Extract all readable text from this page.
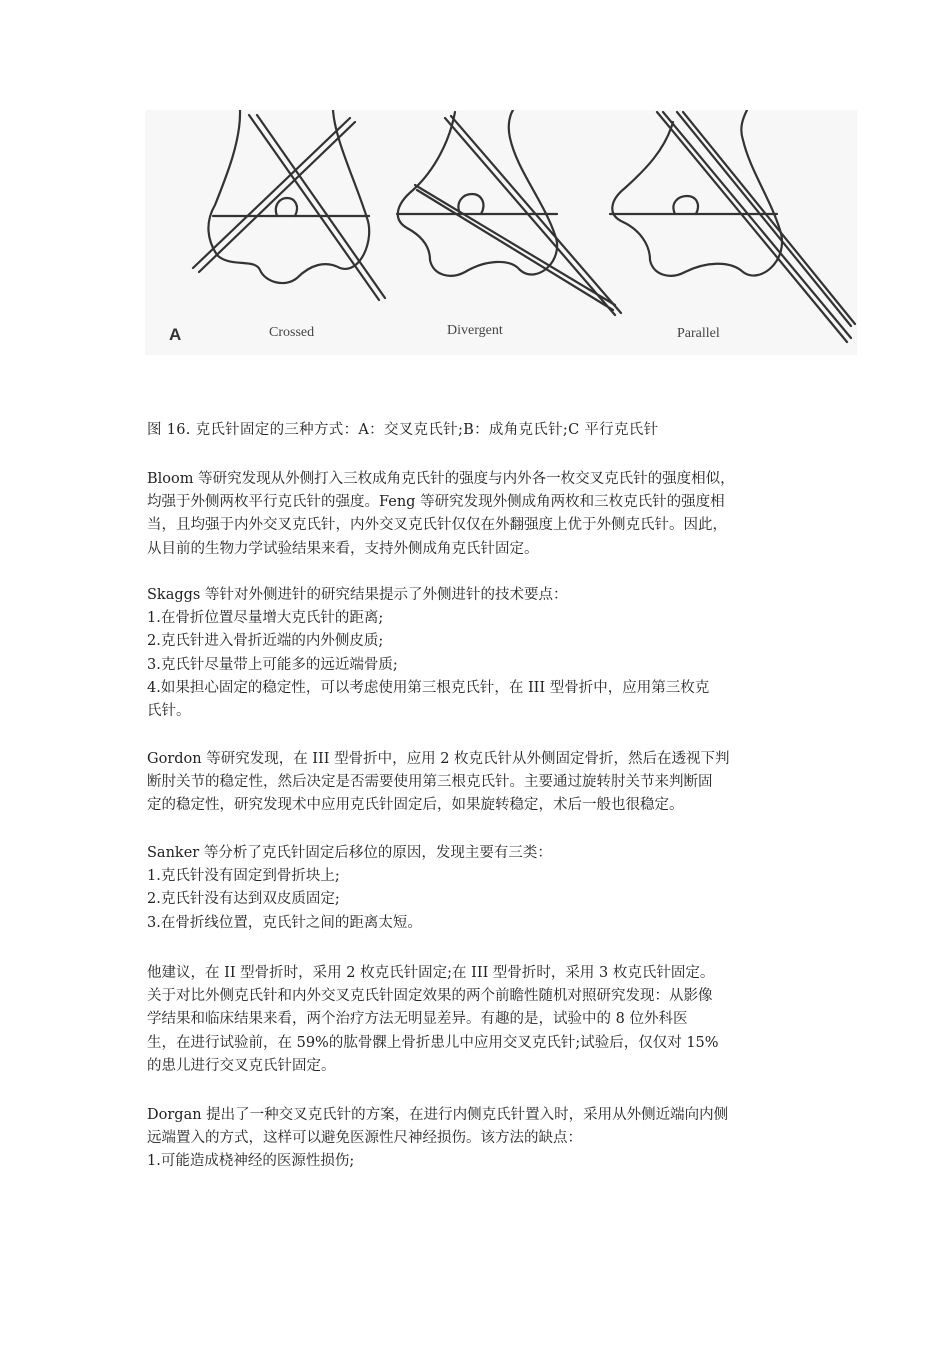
A	Crossed	Divergent	Parallel
图 16. 克氏针固定的三种方式：A：交叉克氏针;B：成角克氏针;C 平行克氏针
Bloom 等研究发现从外侧打入三枚成角克氏针的强度与内外各一枚交叉克氏针的强度相似，
均强于外侧两枚平行克氏针的强度。Feng 等研究发现外侧成角两枚和三枚克氏针的强度相
当，且均强于内外交叉克氏针，内外交叉克氏针仅仅在外翻强度上优于外侧克氏针。因此，
从目前的生物力学试验结果来看，支持外侧成角克氏针固定。
Skaggs 等针对外侧进针的研究结果提示了外侧进针的技术要点：
1.在骨折位置尽量增大克氏针的距离;
2.克氏针进入骨折近端的内外侧皮质;
3.克氏针尽量带上可能多的远近端骨质;
4.如果担心固定的稳定性，可以考虑使用第三根克氏针，在 III 型骨折中，应用第三枚克
氏针。
Gordon 等研究发现，在 III 型骨折中，应用 2 枚克氏针从外侧固定骨折，然后在透视下判
断肘关节的稳定性，然后决定是否需要使用第三根克氏针。主要通过旋转肘关节来判断固
定的稳定性，研究发现术中应用克氏针固定后，如果旋转稳定，术后一般也很稳定。
Sanker 等分析了克氏针固定后移位的原因，发现主要有三类：
1.克氏针没有固定到骨折块上;
2.克氏针没有达到双皮质固定;
3.在骨折线位置，克氏针之间的距离太短。
他建议，在 II 型骨折时，采用 2 枚克氏针固定;在 III 型骨折时，采用 3 枚克氏针固定。
关于对比外侧克氏针和内外交叉克氏针固定效果的两个前瞻性随机对照研究发现：从影像
学结果和临床结果来看，两个治疗方法无明显差异。有趣的是，试验中的 8 位外科医
生，在进行试验前，在 59%的肱骨髁上骨折患儿中应用交叉克氏针;试验后，仅仅对 15%
的患儿进行交叉克氏针固定。
Dorgan 提出了一种交叉克氏针的方案，在进行内侧克氏针置入时，采用从外侧近端向内侧
远端置入的方式，这样可以避免医源性尺神经损伤。该方法的缺点：
1.可能造成桡神经的医源性损伤;
